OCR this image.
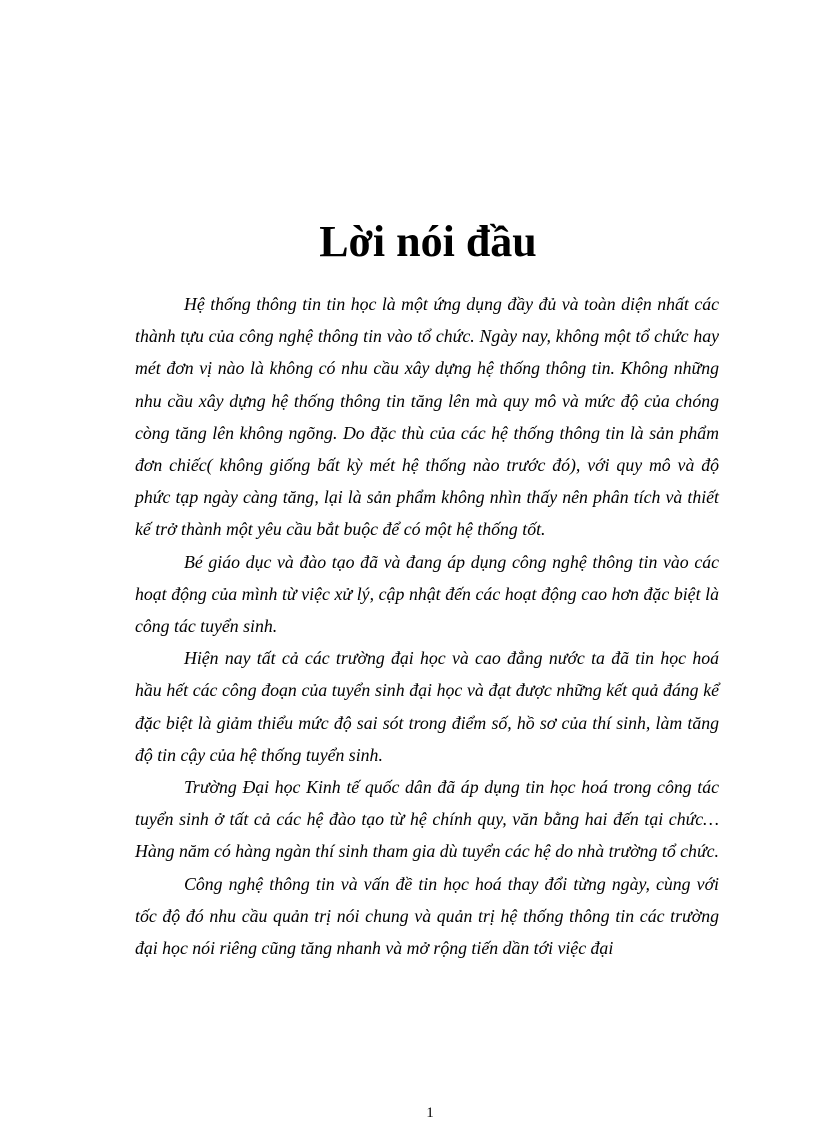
Lời nói đầu

Hệ thống thông tin tin học là một ứng dụng đầy đủ và toàn diện nhất các thành tựu của công nghệ thông tin vào tổ chức. Ngày nay, không một tổ chức hay mét đơn vị nào là không có nhu cầu xây dựng hệ thống thông tin. Không những nhu cầu xây dựng hệ thống thông tin tăng lên mà quy mô và mức độ của chóng còng tăng lên không ngõng. Do đặc thù của các hệ thống thông tin là sản phẩm đơn chiếc( không giống bất kỳ mét hệ thống nào trước đó), với quy mô và độ phức tạp ngày càng tăng, lại là sản phẩm không nhìn thấy nên phân tích và thiết kế trở thành một yêu cầu bắt buộc để có một hệ thống tốt.

Bé giáo dục và đào tạo đã và đang áp dụng công nghệ thông tin vào các hoạt động của mình từ việc xử lý, cập nhật đến các hoạt động cao hơn đặc biệt là công tác tuyển sinh.

Hiện nay tất cả các trường đại học và cao đẳng nước ta đã tin học hoá hầu hết các công đoạn của tuyển sinh đại học và đạt được những kết quả đáng kể đặc biệt là giảm thiểu mức độ sai sót trong điểm số, hồ sơ của thí sinh, làm tăng độ tin cậy của hệ thống tuyển sinh.

Trường Đại học Kinh tế quốc dân đã áp dụng tin học hoá trong công tác tuyển sinh ở tất cả các hệ đào tạo từ hệ chính quy, văn bằng hai đến tại chức… Hàng năm có hàng ngàn thí sinh tham gia dù tuyển các hệ do nhà trường tổ chức.

Công nghệ thông tin và vấn đề tin học hoá thay đổi từng ngày, cùng với tốc độ đó nhu cầu quản trị nói chung và quản trị hệ thống thông tin các trường đại học nói riêng cũng tăng nhanh và mở rộng tiến dần tới việc đại

1
